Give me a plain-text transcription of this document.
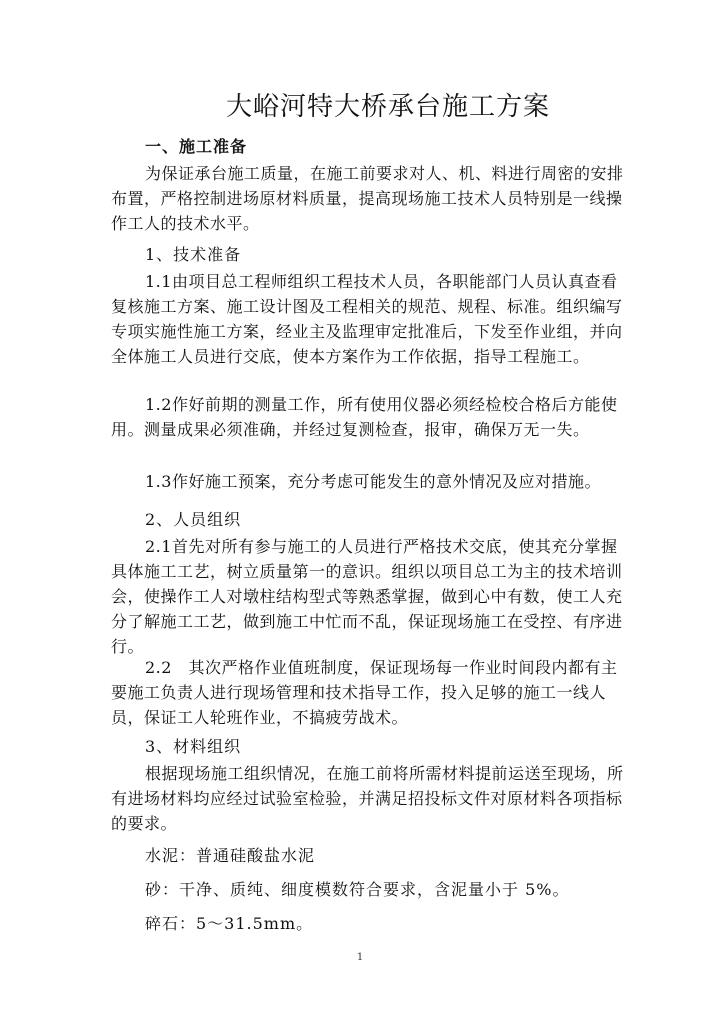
大峪河特大桥承台施工方案
一、施工准备
为保证承台施工质量，在施工前要求对人、机、料进行周密的安排布置，严格控制进场原材料质量，提高现场施工技术人员特别是一线操作工人的技术水平。
1、技术准备
1.1由项目总工程师组织工程技术人员，各职能部门人员认真查看复核施工方案、施工设计图及工程相关的规范、规程、标准。组织编写专项实施性施工方案，经业主及监理审定批准后，下发至作业组，并向全体施工人员进行交底，使本方案作为工作依据，指导工程施工。
1.2作好前期的测量工作，所有使用仪器必须经检校合格后方能使用。测量成果必须准确，并经过复测检查，报审，确保万无一失。
1.3作好施工预案，充分考虑可能发生的意外情况及应对措施。
2、人员组织
2.1首先对所有参与施工的人员进行严格技术交底，使其充分掌握具体施工工艺，树立质量第一的意识。组织以项目总工为主的技术培训会，使操作工人对墩柱结构型式等熟悉掌握，做到心中有数，使工人充分了解施工工艺，做到施工中忙而不乱，保证现场施工在受控、有序进行。
2.2　其次严格作业值班制度，保证现场每一作业时间段内都有主要施工负责人进行现场管理和技术指导工作，投入足够的施工一线人员，保证工人轮班作业，不搞疲劳战术。
3、材料组织
根据现场施工组织情况，在施工前将所需材料提前运送至现场，所有进场材料均应经过试验室检验，并满足招投标文件对原材料各项指标的要求。
水泥：普通硅酸盐水泥
砂：干净、质纯、细度模数符合要求，含泥量小于 5%。
碎石：5～31.5mm。
1
